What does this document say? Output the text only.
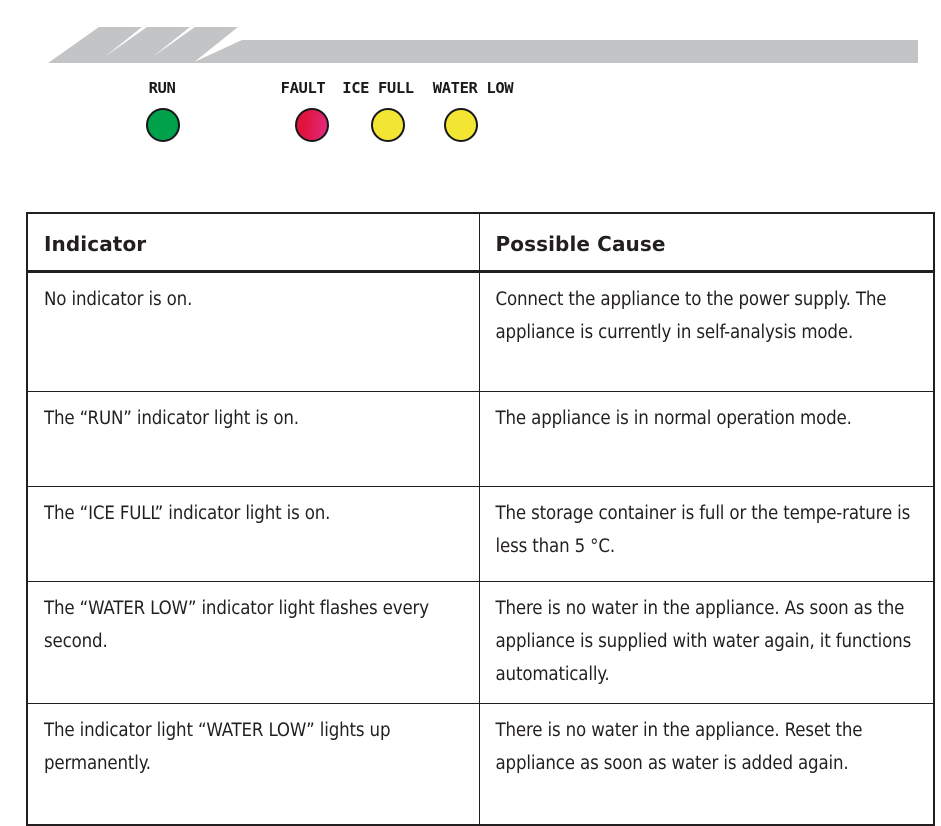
RUN	FAULT ICE FULL WATER LOW
Indicator	Possible Cause
No indicator is on.	Connect the appliance to the power supply. The appliance is currently in self-analysis mode.
The “RUN” indicator light is on.	The appliance is in normal operation mode.
The “ICE FULL” indicator light is on.	The storage container is full or the tempe-rature is less than 5 °C.
The “WATER LOW” indicator light flashes every second.	There is no water in the appliance. As soon as the appliance is supplied with water again, it functions automatically.
The indicator light “WATER LOW” lights up permanently.	There is no water in the appliance. Reset the appliance as soon as water is added again.
